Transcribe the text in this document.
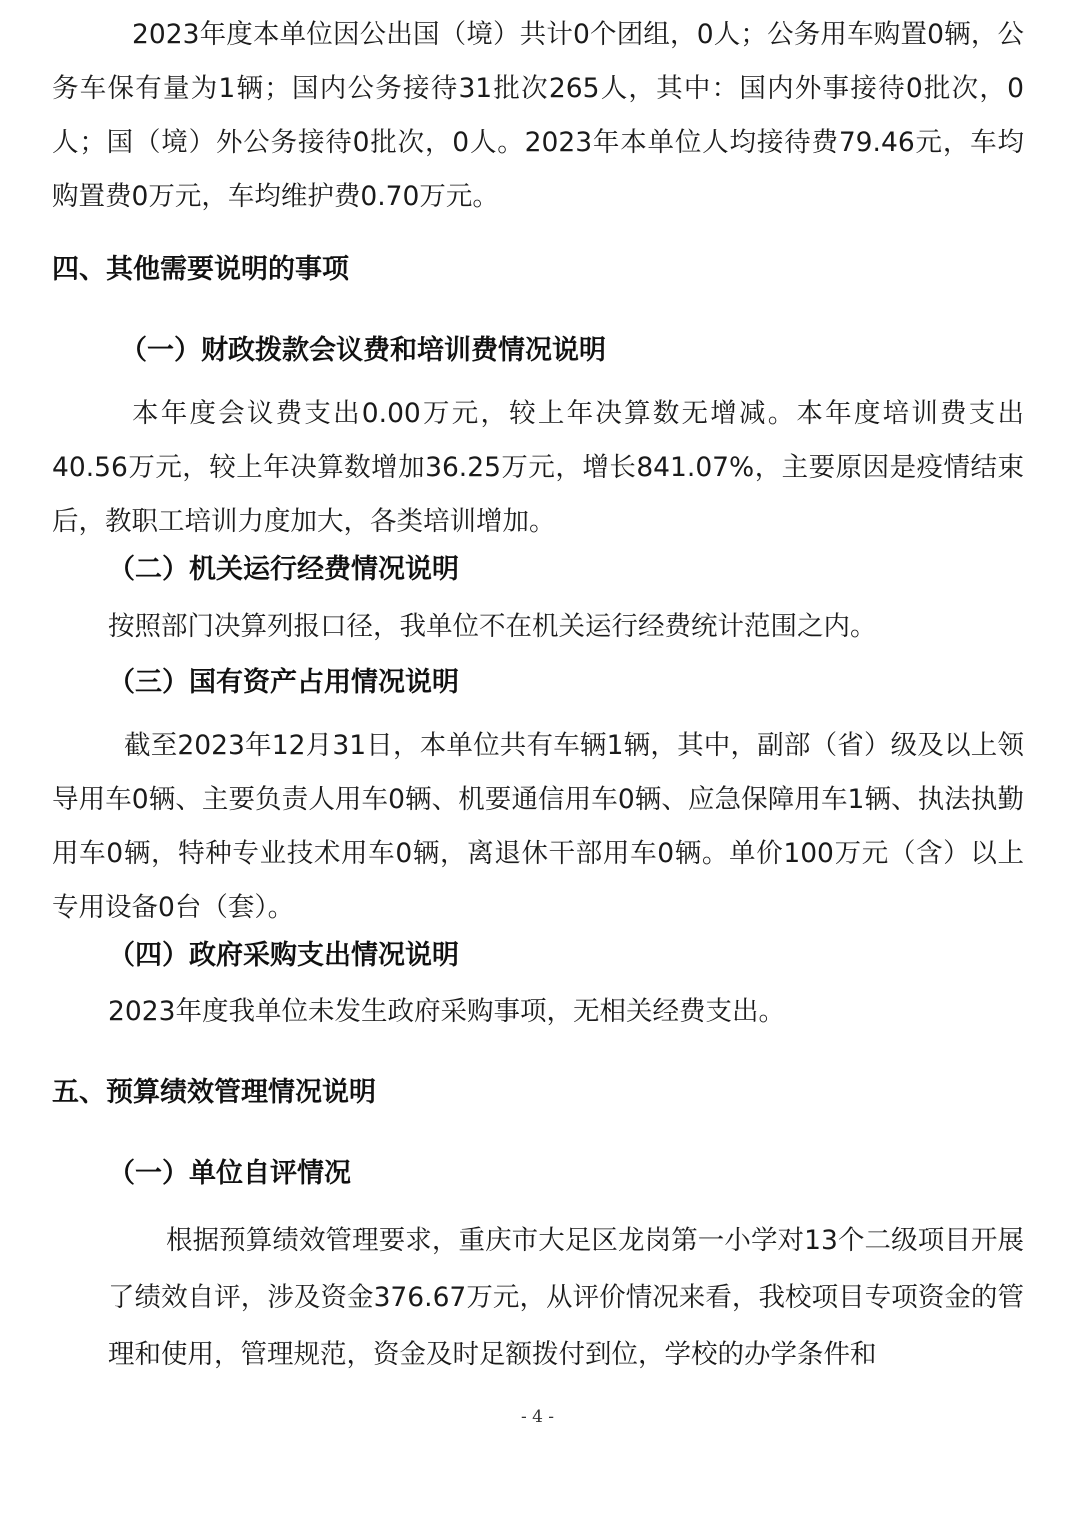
2023年度本单位因公出国（境）共计0个团组，0人；公务用车购置0辆，公务车保有量为1辆；国内公务接待31批次265人，其中：国内外事接待0批次，0人；国（境）外公务接待0批次，0人。2023年本单位人均接待费79.46元，车均购置费0万元，车均维护费0.70万元。

四、其他需要说明的事项
（一）财政拨款会议费和培训费情况说明

本年度会议费支出0.00万元，较上年决算数无增减。本年度培训费支出40.56万元，较上年决算数增加36.25万元，增长841.07%，主要原因是疫情结束后，教职工培训力度加大，各类培训增加。

（二）机关运行经费情况说明

按照部门决算列报口径，我单位不在机关运行经费统计范围之内。

（三）国有资产占用情况说明

截至2023年12月31日，本单位共有车辆1辆，其中，副部（省）级及以上领导用车0辆、主要负责人用车0辆、机要通信用车0辆、应急保障用车1辆、执法执勤用车0辆，特种专业技术用车0辆，离退休干部用车0辆。单价100万元（含）以上专用设备0台（套）。

（四）政府采购支出情况说明

2023年度我单位未发生政府采购事项，无相关经费支出。

五、预算绩效管理情况说明
（一）单位自评情况

根据预算绩效管理要求，重庆市大足区龙岗第一小学对13个二级项目开展了绩效自评，涉及资金376.67万元，从评价情况来看，我校项目专项资金的管理和使用，管理规范，资金及时足额拨付到位，学校的办学条件和

- 4 -
